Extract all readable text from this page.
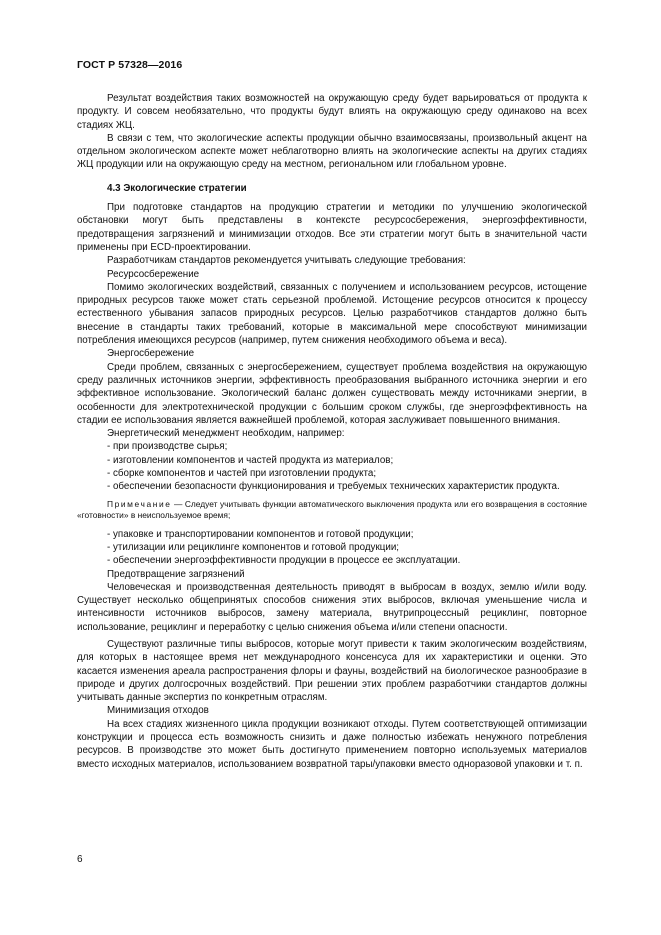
ГОСТ Р 57328—2016

Результат воздействия таких возможностей на окружающую среду будет варьироваться от продукта к продукту. И совсем необязательно, что продукты будут влиять на окружающую среду одинаково на всех стадиях ЖЦ.

В связи с тем, что экологические аспекты продукции обычно взаимосвязаны, произвольный акцент на отдельном экологическом аспекте может неблаготворно влиять на экологические аспекты на других стадиях ЖЦ продукции или на окружающую среду на местном, региональном или глобальном уровне.

4.3 Экологические стратегии

При подготовке стандартов на продукцию стратегии и методики по улучшению экологической обстановки могут быть представлены в контексте ресурсосбережения, энергоэффективности, предотвращения загрязнений и минимизации отходов. Все эти стратегии могут быть в значительной части применены при ECD-проектировании.

Разработчикам стандартов рекомендуется учитывать следующие требования:

Ресурсосбережение

Помимо экологических воздействий, связанных с получением и использованием ресурсов, истощение природных ресурсов также может стать серьезной проблемой. Истощение ресурсов относится к процессу естественного убывания запасов природных ресурсов. Целью разработчиков стандартов должно быть внесение в стандарты таких требований, которые в максимальной мере способствуют минимизации потребления имеющихся ресурсов (например, путем снижения необходимого объема и веса).

Энергосбережение

Среди проблем, связанных с энергосбережением, существует проблема воздействия на окружающую среду различных источников энергии, эффективность преобразования выбранного источника энергии и его эффективное использование. Экологический баланс должен существовать между источниками энергии, в особенности для электротехнической продукции с большим сроком службы, где энергоэффективность на стадии ее использования является важнейшей проблемой, которая заслуживает повышенного внимания.

Энергетический менеджмент необходим, например:

- при производстве сырья;
- изготовлении компонентов и частей продукта из материалов;
- сборке компонентов и частей при изготовлении продукта;
- обеспечении безопасности функционирования и требуемых технических характеристик продукта.
Примечание — Следует учитывать функции автоматического выключения продукта или его возвращения в состояние «готовности» в неиспользуемое время;
- упаковке и транспортировании компонентов и готовой продукции;
- утилизации или рециклинге компонентов и готовой продукции;
- обеспечении энергоэффективности продукции в процессе ее эксплуатации.

Предотвращение загрязнений

Человеческая и производственная деятельность приводят в выбросам в воздух, землю и/или воду. Существует несколько общепринятых способов снижения этих выбросов, включая уменьшение числа и интенсивности источников выбросов, замену материала, внутрипроцессный рециклинг, повторное использование, рециклинг и переработку с целью снижения объема и/или степени опасности.

Существуют различные типы выбросов, которые могут привести к таким экологическим воздействиям, для которых в настоящее время нет международного консенсуса для их характеристики и оценки. Это касается изменения ареала распространения флоры и фауны, воздействий на биологическое разнообразие в природе и других долгосрочных воздействий. При решении этих проблем разработчики стандартов должны учитывать данные экспертиз по конкретным отраслям.

Минимизация отходов

На всех стадиях жизненного цикла продукции возникают отходы. Путем соответствующей оптимизации конструкции и процесса есть возможность снизить и даже полностью избежать ненужного потребления ресурсов. В производстве это может быть достигнуто применением повторно используемых материалов вместо исходных материалов, использованием возвратной тары/упаковки вместо одноразовой упаковки и т. п.

6
